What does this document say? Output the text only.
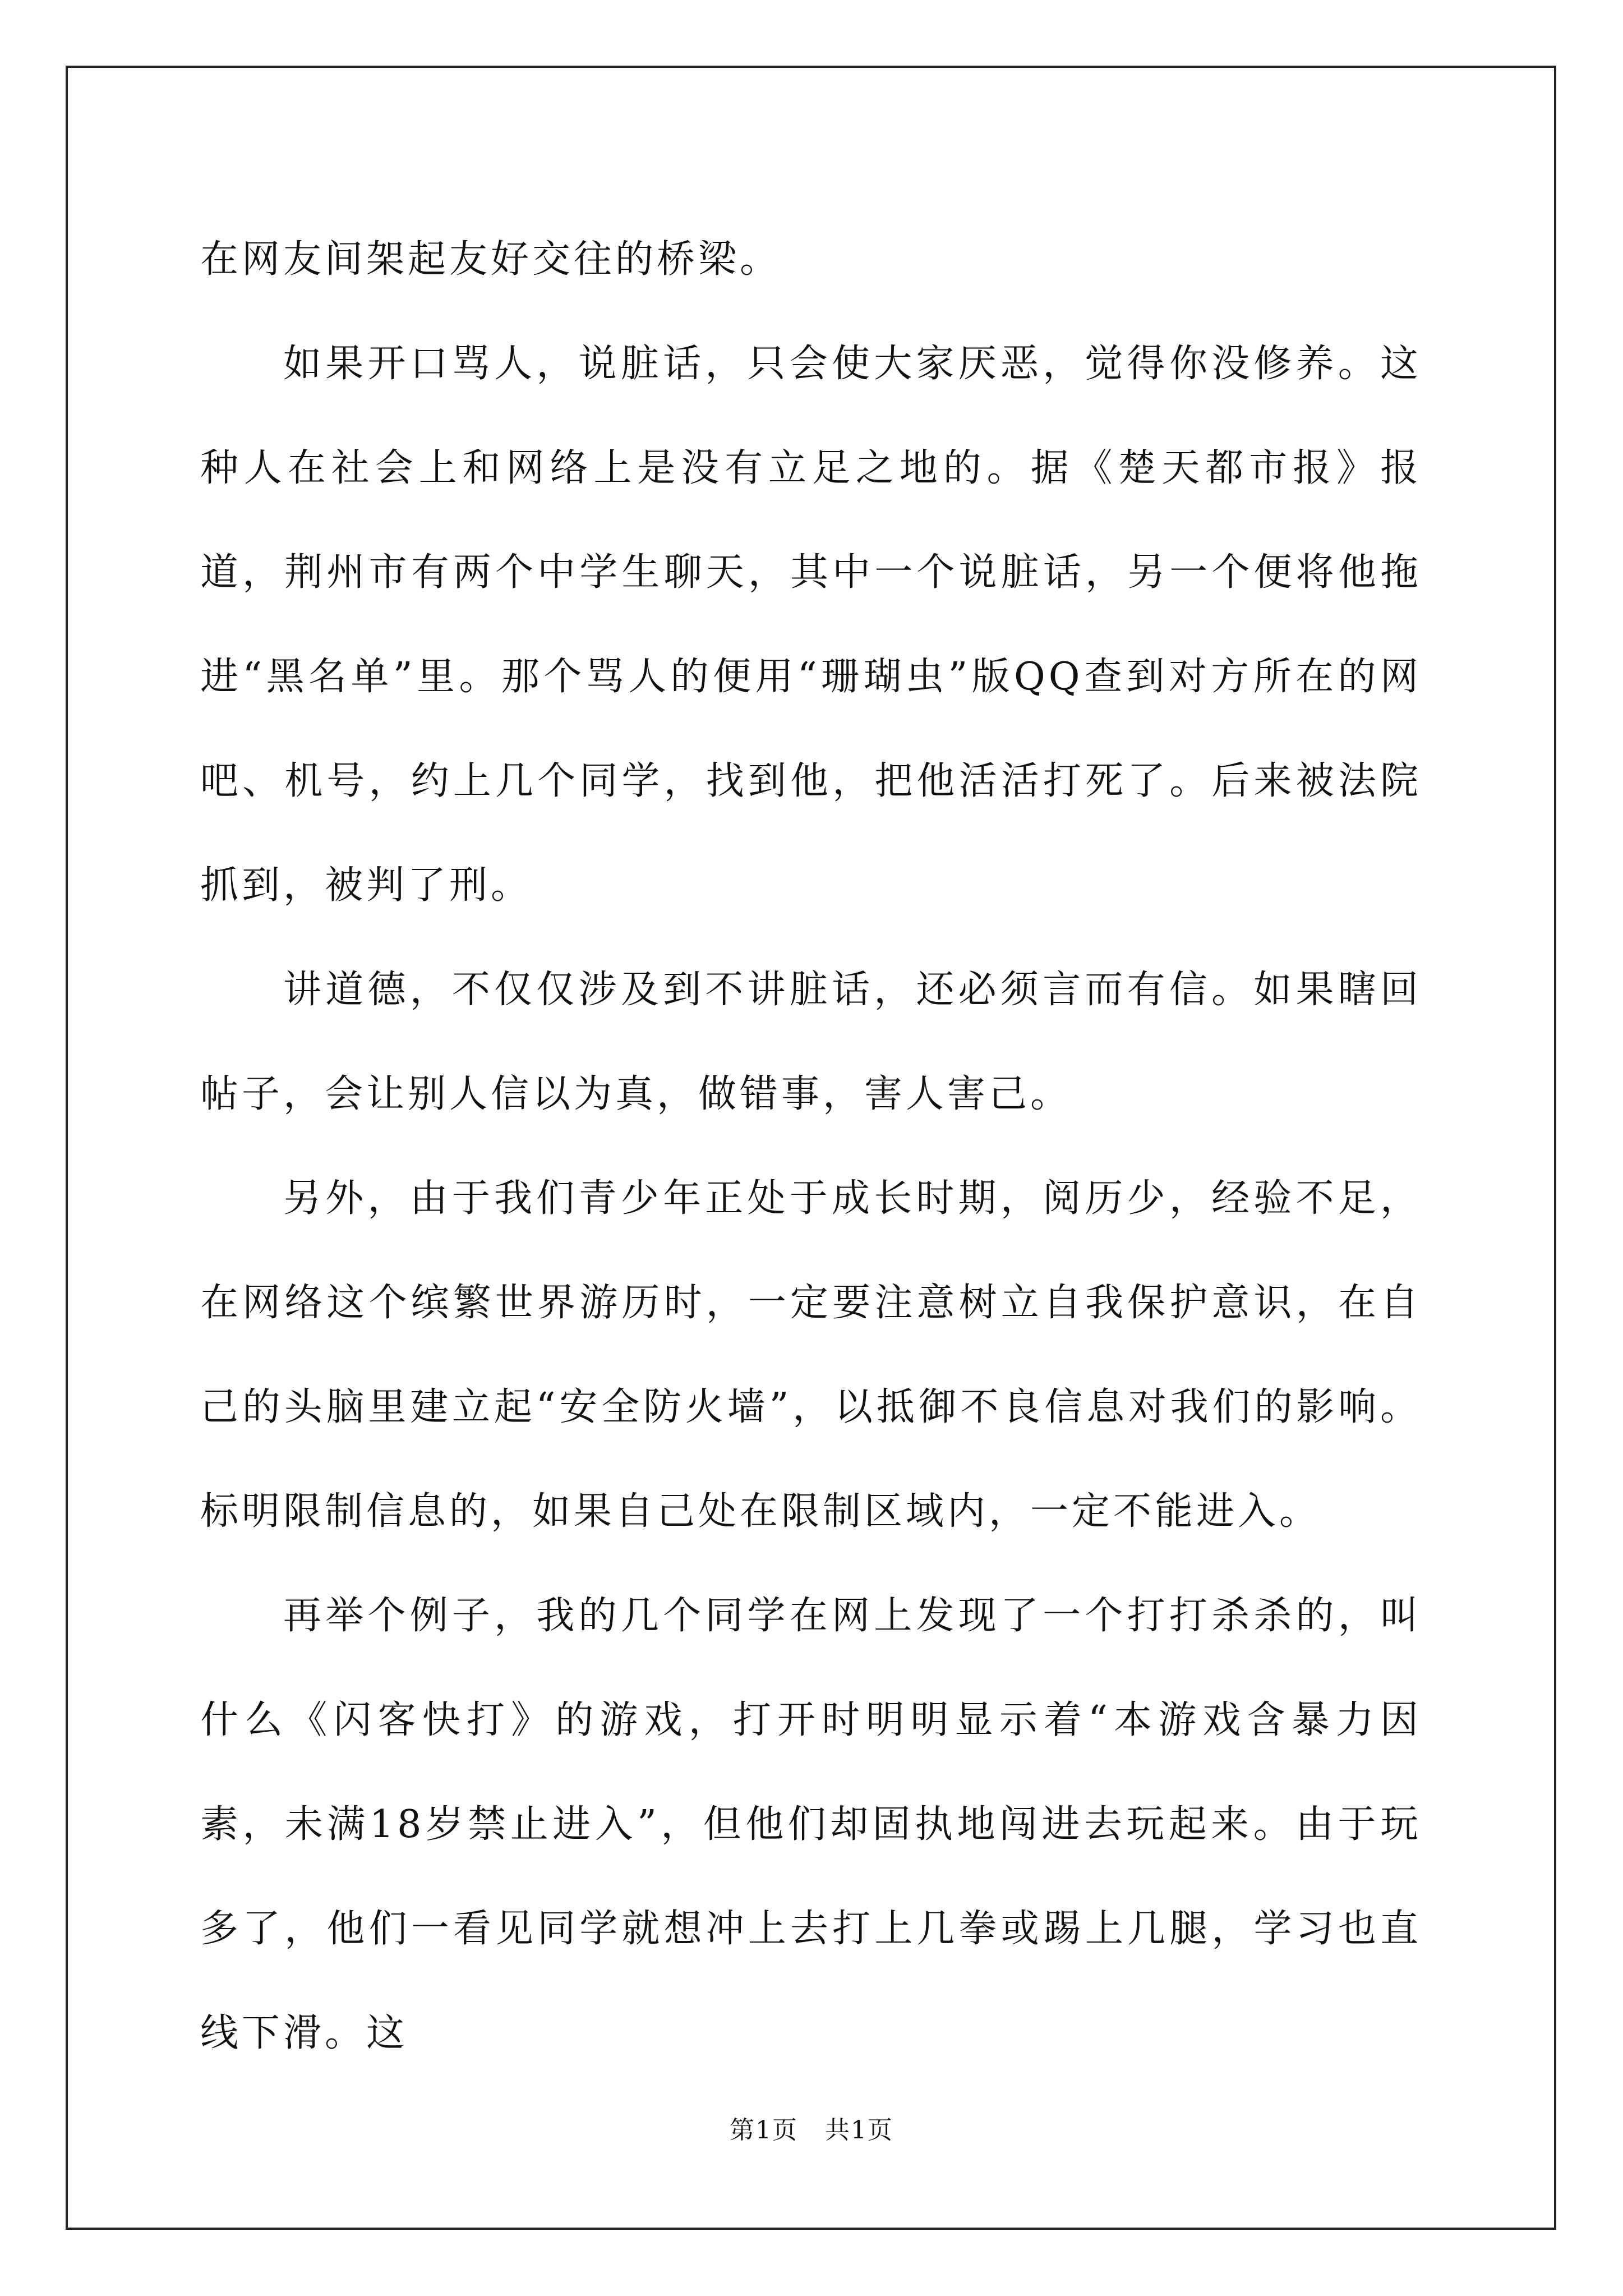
在网友间架起友好交往的桥梁。

如果开口骂人，说脏话，只会使大家厌恶，觉得你没修养。这种人在社会上和网络上是没有立足之地的。据《楚天都市报》报道，荆州市有两个中学生聊天，其中一个说脏话，另一个便将他拖进“黑名单”里。那个骂人的便用“珊瑚虫”版QQ查到对方所在的网吧、机号，约上几个同学，找到他，把他活活打死了。后来被法院抓到，被判了刑。

讲道德，不仅仅涉及到不讲脏话，还必须言而有信。如果瞎回帖子，会让别人信以为真，做错事，害人害己。

另外，由于我们青少年正处于成长时期，阅历少，经验不足，在网络这个缤繁世界游历时，一定要注意树立自我保护意识，在自己的头脑里建立起“安全防火墙”，以抵御不良信息对我们的影响。标明限制信息的，如果自己处在限制区域内，一定不能进入。

再举个例子，我的几个同学在网上发现了一个打打杀杀的，叫什么《闪客快打》的游戏，打开时明明显示着“本游戏含暴力因素，未满18岁禁止进入”，但他们却固执地闯进去玩起来。由于玩多了，他们一看见同学就想冲上去打上几拳或踢上几腿，学习也直线下滑。这

第1页 共1页
